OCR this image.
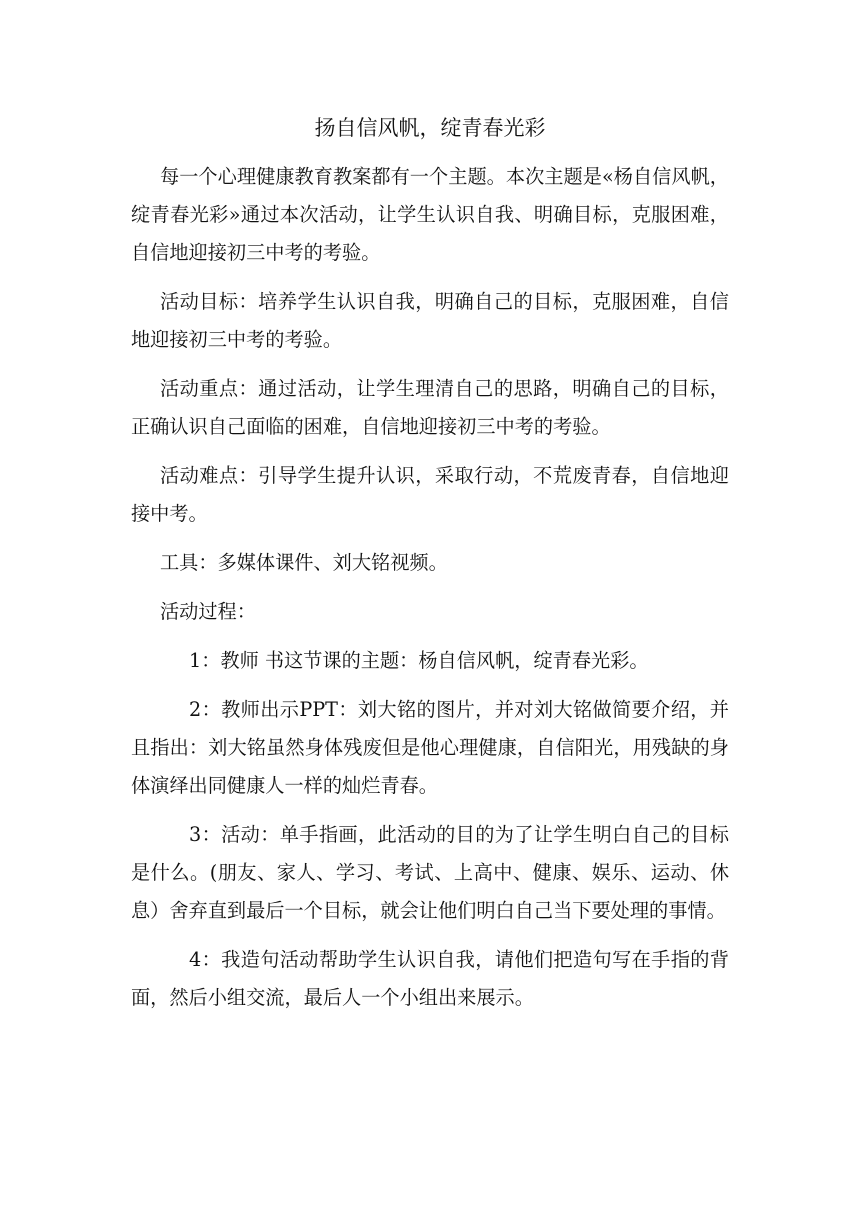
扬自信风帆，绽青春光彩
每一个心理健康教育教案都有一个主题。本次主题是«杨自信风帆，绽青春光彩»通过本次活动，让学生认识自我、明确目标，克服困难，自信地迎接初三中考的考验。
活动目标：培养学生认识自我，明确自己的目标，克服困难，自信地迎接初三中考的考验。
活动重点：通过活动，让学生理清自己的思路，明确自己的目标，正确认识自己面临的困难，自信地迎接初三中考的考验。
活动难点：引导学生提升认识，采取行动，不荒废青春，自信地迎接中考。
工具：多媒体课件、刘大铭视频。
活动过程：
1：教师 书这节课的主题：杨自信风帆，绽青春光彩。
2：教师出示PPT：刘大铭的图片，并对刘大铭做简要介绍，并且指出：刘大铭虽然身体残废但是他心理健康，自信阳光，用残缺的身体演绎出同健康人一样的灿烂青春。
3：活动：单手指画，此活动的目的为了让学生明白自己的目标是什么。(朋友、家人、学习、考试、上高中、健康、娱乐、运动、休息）舍弃直到最后一个目标，就会让他们明白自己当下要处理的事情。
4：我造句活动帮助学生认识自我，请他们把造句写在手指的背面，然后小组交流，最后人一个小组出来展示。
